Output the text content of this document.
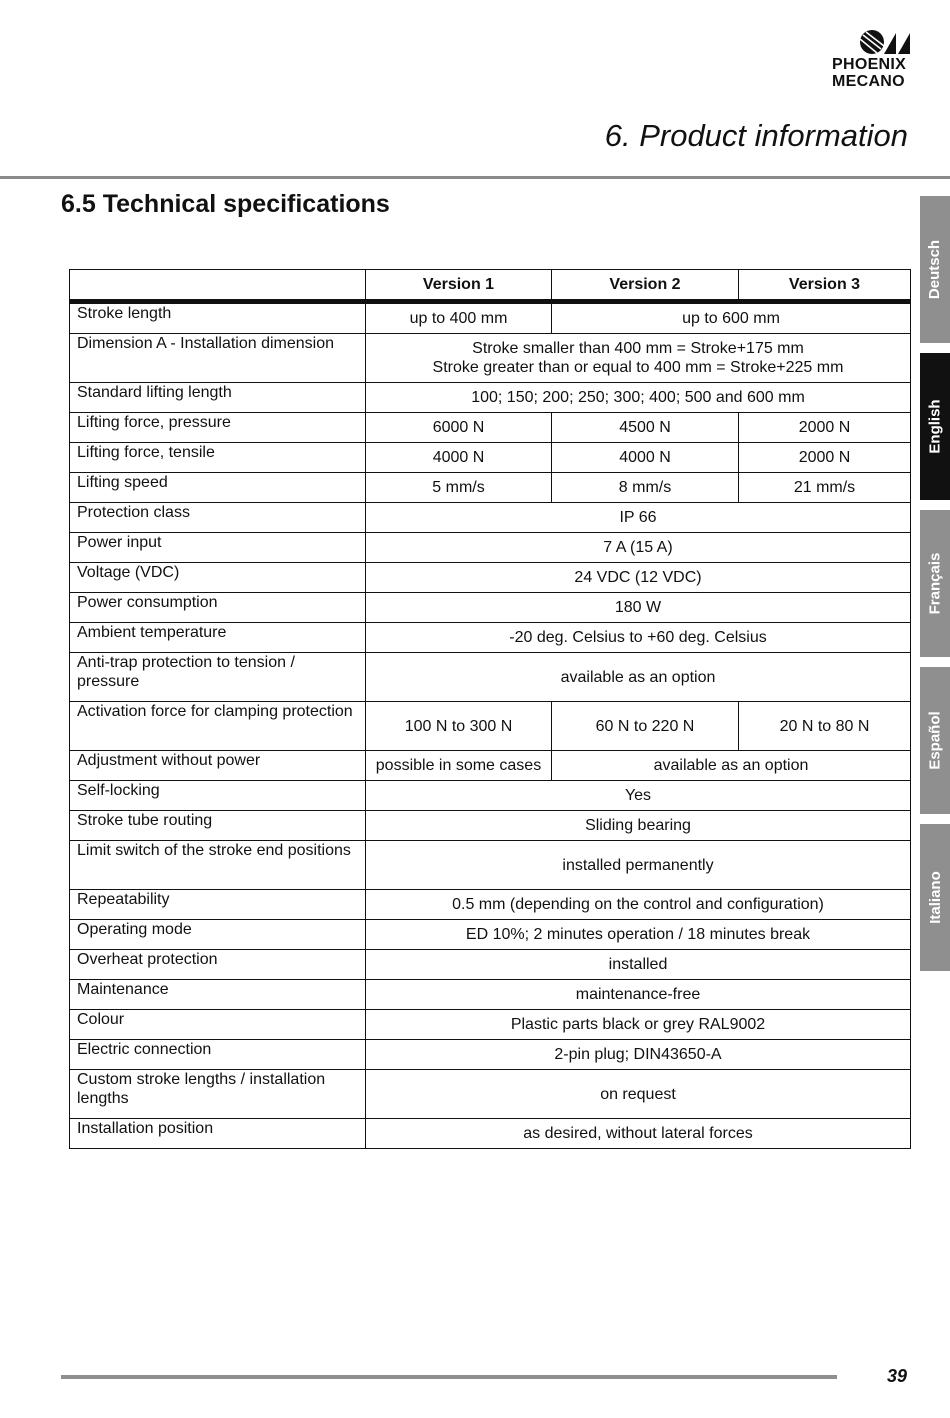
PHOENIX
MECANO
6. Product information
6.5 Technical specifications
Deutsch
English
Français
Español
Italiano
	Version 1	Version 2	Version 3
Stroke length	up to 400 mm	up to 600 mm	
Dimension A - Installation dimension	Stroke smaller than 400 mm = Stroke+175 mm
Stroke greater than or equal to 400 mm = Stroke+225 mm		

Standard lifting length	100; 150; 200; 250; 300; 400; 500 and 600 mm		
Lifting force, pressure	6000 N	4500 N	2000 N
Lifting force, tensile	4000 N	4000 N	2000 N
Lifting speed	5 mm/s	8 mm/s	21 mm/s
Protection class	IP 66		
Power input	7 A (15 A)		
Voltage (VDC)	24 VDC (12 VDC)		
Power consumption	180 W		
Ambient temperature	-20 deg. Celsius to +60 deg. Celsius		
Anti-trap protection to tension / pressure	available as an option		
Activation force for clamping protection	100 N to 300 N	60 N to 220 N	20 N to 80 N
Adjustment without power	possible in some cases	available as an option	
Self-locking	Yes		
Stroke tube routing	Sliding bearing		
Limit switch of the stroke end positions	installed permanently		
Repeatability	0.5 mm (depending on the control and configuration)		
Operating mode	ED 10%; 2 minutes operation / 18 minutes break		
Overheat protection	installed		
Maintenance	maintenance-free		
Colour	Plastic parts black or grey RAL9002		
Electric connection	2-pin plug; DIN43650-A		
Custom stroke lengths / installation lengths	on request		
Installation position	as desired, without lateral forces		
39
